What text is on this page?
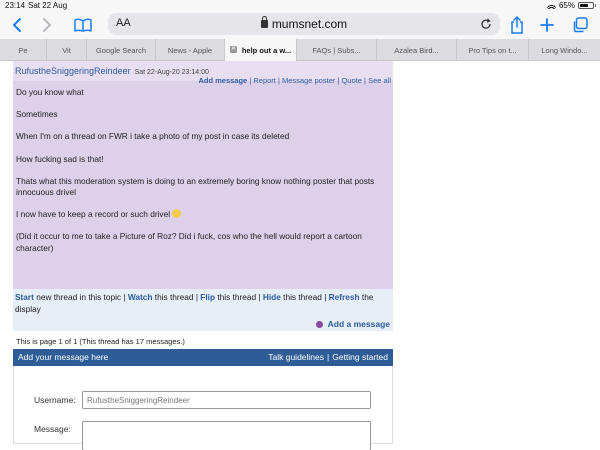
23:14 Sat 22 Aug	65%
AA	mumsnet.com
Pe	Vit	Google Search	News - Apple	✕ help out a w...	FAQs | Subs...	Azalea Bird...	Pro Tips on t...	Long Windo...
RufustheSniggeringReindeer Sat 22-Aug-20 23:14:00
Add message | Report | Message poster | Quote | See all

Do you know what

Sometimes

When I'm on a thread on FWR i take a photo of my post in case its deleted

How fucking sad is that!

Thats what this moderation system is doing to an extremely boring know nothing poster that posts innocuous drivel

I now have to keep a record or such drivel

(Did it occur to me to take a Picture of Roz? Did i fuck, cos who the hell would report a cartoon character)

Start new thread in this topic | Watch this thread | Flip this thread | Hide this thread | Refresh the display
Add a message
This is page 1 of 1 (This thread has 17 messages.)
Add your message here	Talk guidelines | Getting started
Username:
RufustheSniggeringReindeer
Message:
